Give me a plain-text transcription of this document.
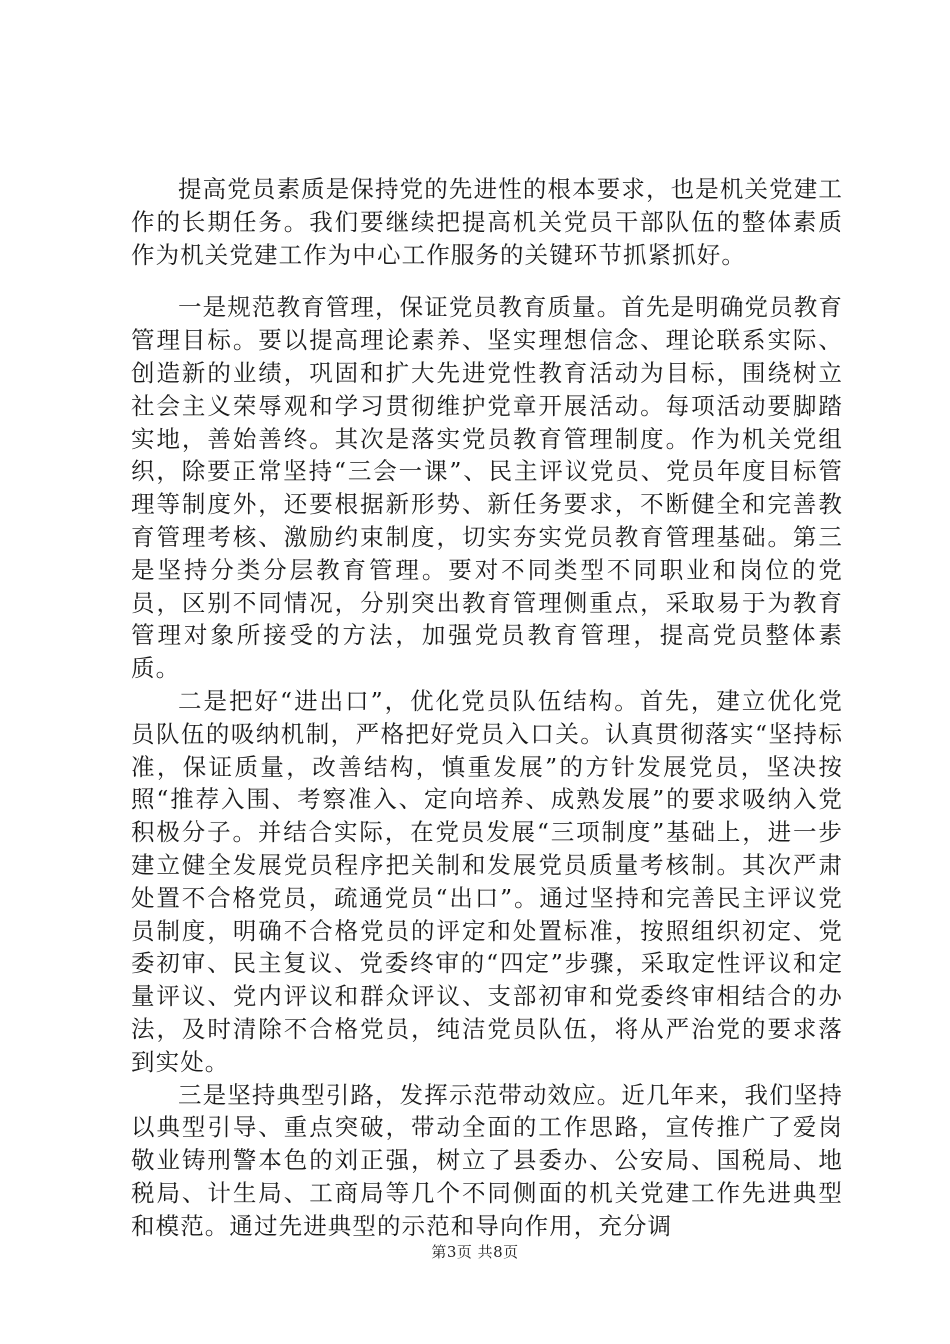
提高党员素质是保持党的先进性的根本要求，也是机关党建工作的长期任务。我们要继续把提高机关党员干部队伍的整体素质作为机关党建工作为中心工作服务的关键环节抓紧抓好。

一是规范教育管理，保证党员教育质量。首先是明确党员教育管理目标。要以提高理论素养、坚实理想信念、理论联系实际、创造新的业绩，巩固和扩大先进党性教育活动为目标，围绕树立社会主义荣辱观和学习贯彻维护党章开展活动。每项活动要脚踏实地，善始善终。其次是落实党员教育管理制度。作为机关党组织，除要正常坚持“三会一课”、民主评议党员、党员年度目标管理等制度外，还要根据新形势、新任务要求，不断健全和完善教育管理考核、激励约束制度，切实夯实党员教育管理基础。第三是坚持分类分层教育管理。要对不同类型不同职业和岗位的党员，区别不同情况，分别突出教育管理侧重点，采取易于为教育管理对象所接受的方法，加强党员教育管理，提高党员整体素质。

二是把好“进出口”，优化党员队伍结构。首先，建立优化党员队伍的吸纳机制，严格把好党员入口关。认真贯彻落实“坚持标准，保证质量，改善结构，慎重发展”的方针发展党员，坚决按照“推荐入围、考察准入、定向培养、成熟发展”的要求吸纳入党积极分子。并结合实际，在党员发展“三项制度”基础上，进一步建立健全发展党员程序把关制和发展党员质量考核制。其次严肃处置不合格党员，疏通党员“出口”。通过坚持和完善民主评议党员制度，明确不合格党员的评定和处置标准，按照组织初定、党委初审、民主复议、党委终审的“四定”步骤，采取定性评议和定量评议、党内评议和群众评议、支部初审和党委终审相结合的办法，及时清除不合格党员，纯洁党员队伍，将从严治党的要求落到实处。

三是坚持典型引路，发挥示范带动效应。近几年来，我们坚持以典型引导、重点突破，带动全面的工作思路，宣传推广了爱岗敬业铸刑警本色的刘正强，树立了县委办、公安局、国税局、地税局、计生局、工商局等几个不同侧面的机关党建工作先进典型和模范。通过先进典型的示范和导向作用，充分调

第3页 共8页
